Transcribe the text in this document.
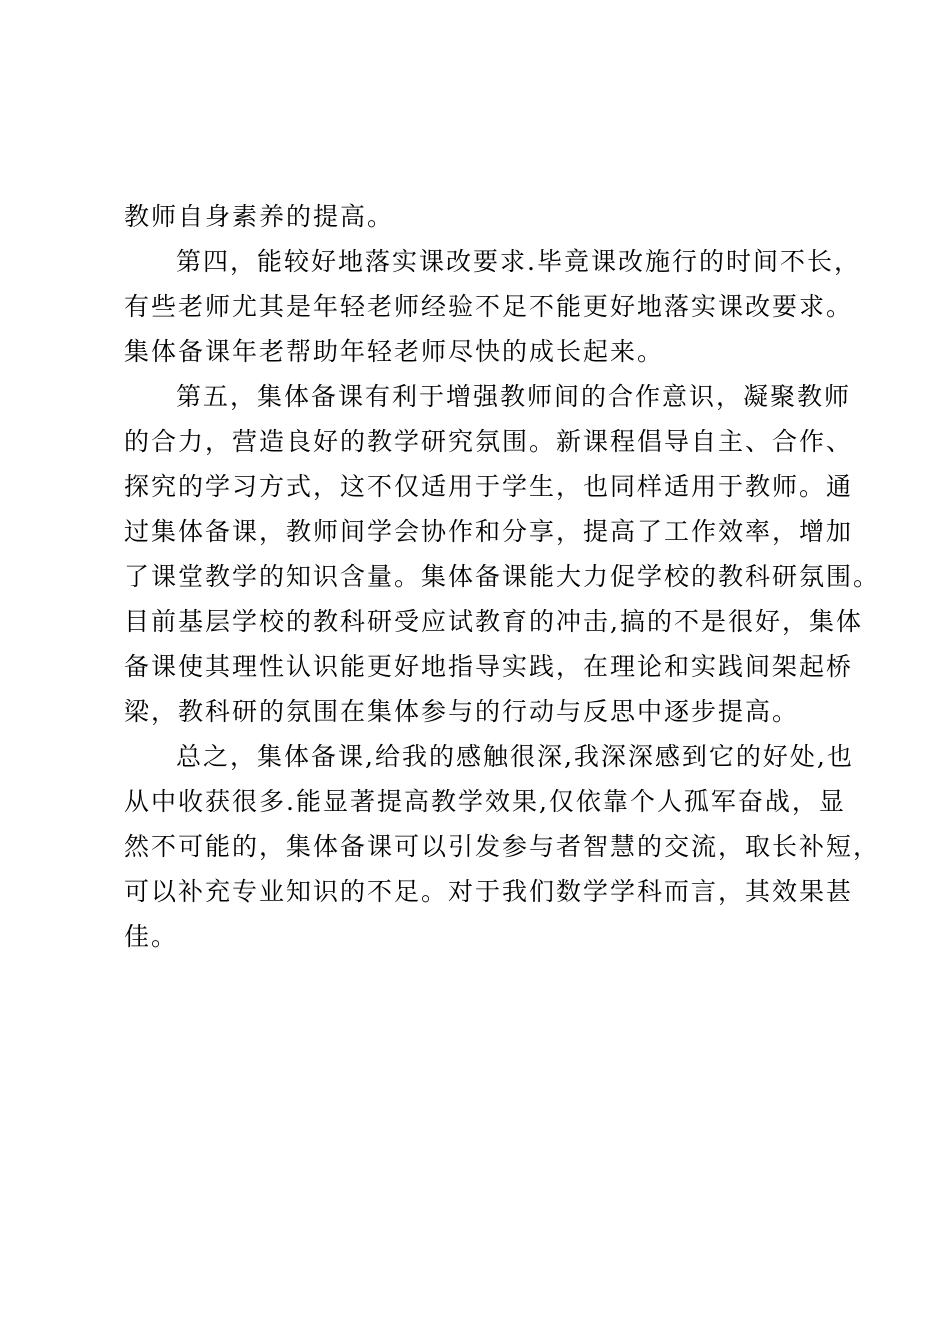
教师自身素养的提高。
第四，能较好地落实课改要求.毕竟课改施行的时间不长，
有些老师尤其是年轻老师经验不足不能更好地落实课改要求。
集体备课年老帮助年轻老师尽快的成长起来。
第五，集体备课有利于增强教师间的合作意识，凝聚教师
的合力，营造良好的教学研究氛围。新课程倡导自主、合作、
探究的学习方式，这不仅适用于学生，也同样适用于教师。通
过集体备课，教师间学会协作和分享，提高了工作效率，增加
了课堂教学的知识含量。集体备课能大力促学校的教科研氛围。
目前基层学校的教科研受应试教育的冲击,搞的不是很好，集体
备课使其理性认识能更好地指导实践，在理论和实践间架起桥
梁，教科研的氛围在集体参与的行动与反思中逐步提高。
总之，集体备课,给我的感触很深,我深深感到它的好处,也
从中收获很多.能显著提高教学效果,仅依靠个人孤军奋战，显
然不可能的，集体备课可以引发参与者智慧的交流，取长补短，
可以补充专业知识的不足。对于我们数学学科而言，其效果甚
佳。
